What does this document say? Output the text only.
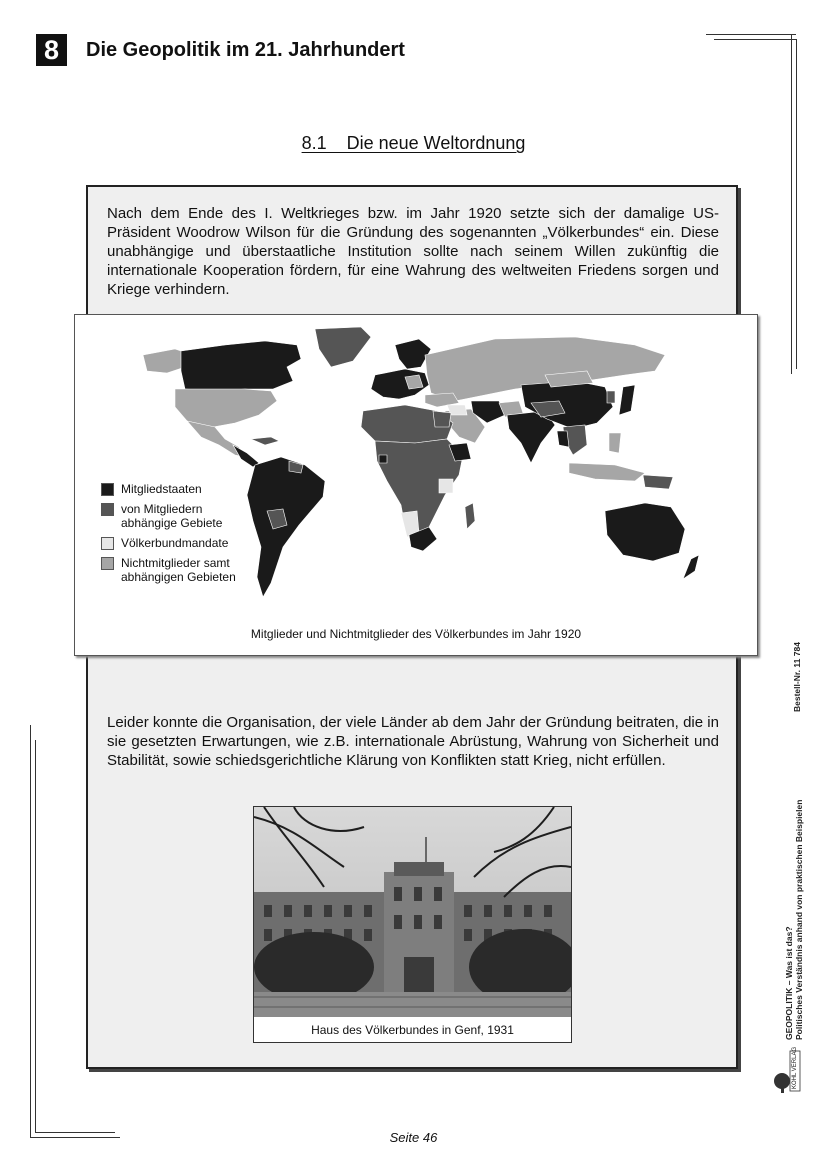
8	Die Geopolitik im 21. Jahrhundert
8.1    Die neue Weltordnung
Nach dem Ende des I. Weltkrieges bzw. im Jahr 1920 setzte sich der damalige US-Präsident Woodrow Wilson für die Gründung des sogenannten „Völkerbundes“ ein. Diese unabhängige und überstaatliche Institution sollte nach seinem Willen zukünftig die internationale Kooperation fördern, für eine Wahrung des weltweiten Friedens sorgen und Kriege verhindern.
Mitgliedstaaten
von Mitgliedern abhängige Gebiete
Völkerbundmandate
Nichtmitglieder samt abhängigen Gebieten
Mitglieder und Nichtmitglieder des Völkerbundes im Jahr 1920
Leider konnte die Organisation, der viele Länder ab dem Jahr der Gründung beitraten, die in sie gesetzten Erwartungen, wie z.B. internationale Abrüstung, Wahrung von Sicherheit und Stabilität, sowie schiedsgerichtliche Klärung von Konflikten statt Krieg, nicht erfüllen.
Haus des Völkerbundes in Genf, 1931
Bestell-Nr. 11 784
GEOPOLITIK – Was ist das? Politisches Verständnis anhand von praktischen Beispielen
KOHL VERLAG
Seite 46
